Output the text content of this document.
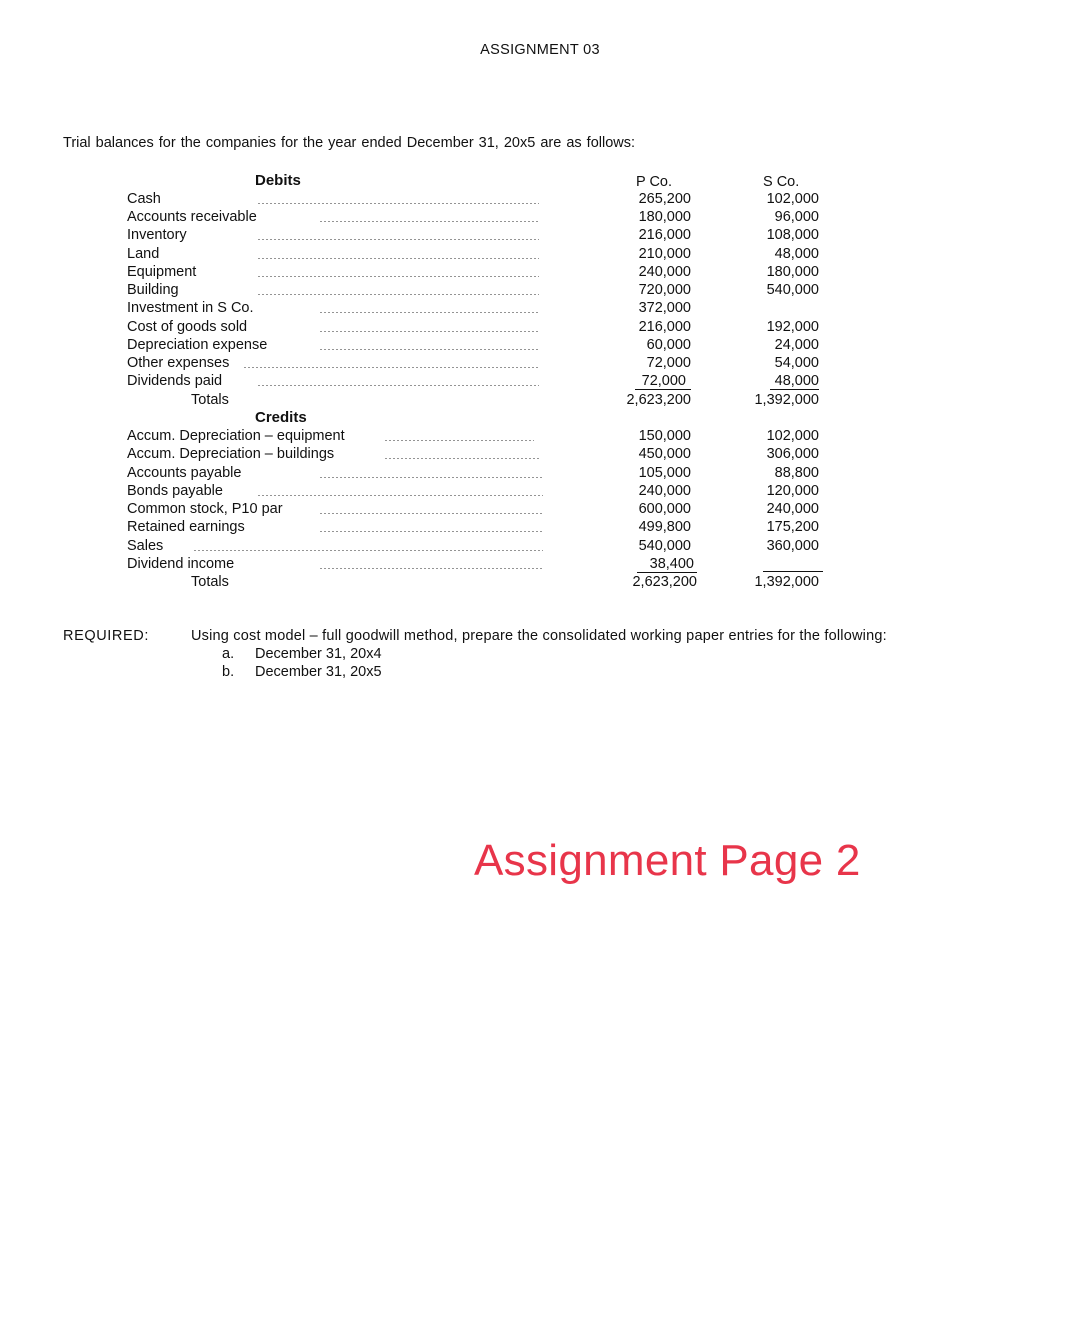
ASSIGNMENT 03
Trial balances for the companies for the year ended December 31, 20x5 are as follows:
Debits	P Co.	S Co.
Cash	265,200	102,000
Accounts receivable	180,000	96,000
Inventory	216,000	108,000
Land	210,000	48,000
Equipment	240,000	180,000
Building	720,000	540,000
Investment in S Co.	372,000
Cost of goods sold	216,000	192,000
Depreciation expense	60,000	24,000
Other expenses	72,000	54,000
Dividends paid	72,000	48,000
Totals	2,623,200	1,392,000
Credits
Accum. Depreciation – equipment	150,000	102,000
Accum. Depreciation – buildings	450,000	306,000
Accounts payable	105,000	88,800
Bonds payable	240,000	120,000
Common stock, P10 par	600,000	240,000
Retained earnings	499,800	175,200
Sales	540,000	360,000
Dividend income	38,400
Totals	2,623,200	1,392,000
REQUIRED:	Using cost model – full goodwill method, prepare the consolidated working paper entries for the following:
a. December 31, 20x4
b. December 31, 20x5
Assignment Page 2
